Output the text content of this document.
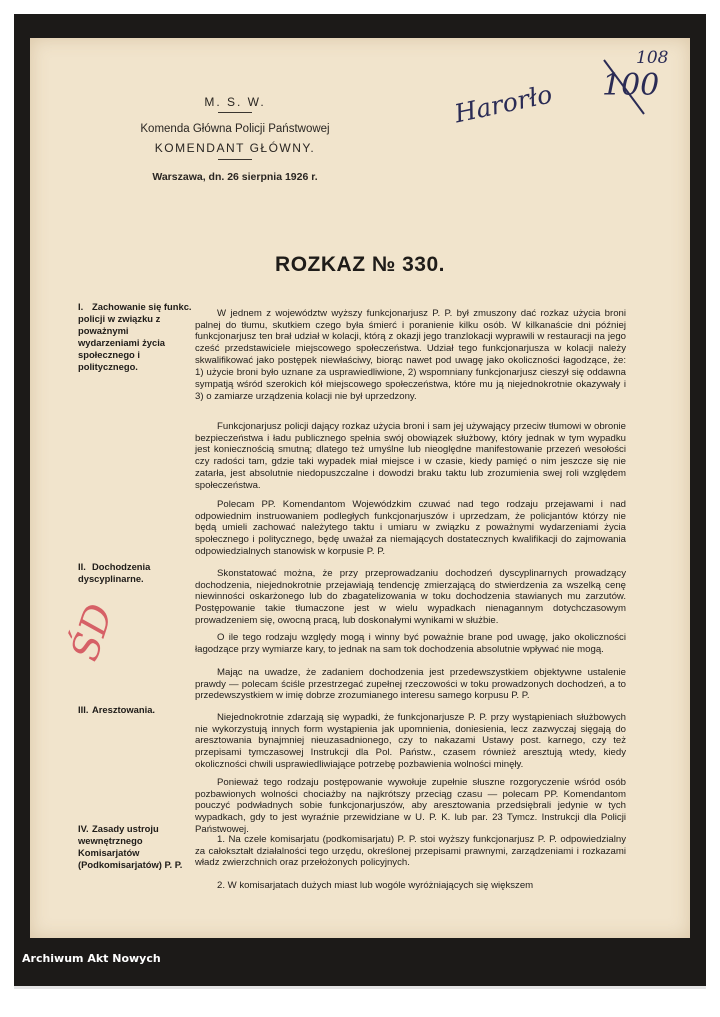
M. S. W.
Komenda Główna Policji Państwowej
KOMENDANT GŁÓWNY.
Warszawa, dn. 26 sierpnia 1926 r.
108
100
Harorło
ROZKAZ № 330.
I. Zachowanie się funkc. policji w związku z poważnymi wydarzeniami życia społecznego i politycznego.

W jednem z województw wyższy funkcjonarjusz P. P. był zmuszony dać rozkaz użycia broni palnej do tłumu, skutkiem czego była śmierć i poranienie kilku osób. W kilkanaście dni później funkcjonarjusz ten brał udział w kolacji, którą z okazji jego tranzlokacji wyprawili w restauracji na jego cześć przedstawiciele miejscowego społeczeństwa. Udział tego funkcjonarjusza w kolacji należy skwalifikować jako postępek niewłaściwy, biorąc nawet pod uwagę jako okoliczności łagodzące, że: 1) użycie broni było uznane za usprawiedliwione, 2) wspomniany funkcjonarjusz cieszył się oddawna sympatją wśród szerokich kół miejscowego społeczeństwa, które mu ją niejednokrotnie okazywały i 3) o zamiarze urządzenia kolacji nie był uprzedzony.

Funkcjonarjusz policji dający rozkaz użycia broni i sam jej używający przeciw tłumowi w obronie bezpieczeństwa i ładu publicznego spełnia swój obowiązek służbowy, który jednak w tym wypadku jest koniecznością smutną; dlatego też umyślne lub nieoględne manifestowanie przezeń wesołości czy radości tam, gdzie taki wypadek miał miejsce i w czasie, kiedy pamięć o nim jeszcze się nie zatarła, jest absolutnie niedopuszczalne i dowodzi braku taktu lub zrozumienia swej roli względem społeczeństwa.

Polecam PP. Komendantom Wojewódzkim czuwać nad tego rodzaju przejawami i nad odpowiednim instruowaniem podległych funkcjonarjuszów i uprzedzam, że policjantów którzy nie będą umieli zachować należytego taktu i umiaru w związku z poważnymi wydarzeniami życia społecznego i politycznego, będę uważał za niemających dostatecznych kwalifikacji do zajmowania odpowiedzialnych stanowisk w korpusie P. P.

II. Dochodzenia dyscyplinarne.	Skonstatować można, że przy przeprowadzaniu dochodzeń dyscyplinarnych prowadzący dochodzenia, niejednokrotnie przejawiają tendencję zmierzającą do stwierdzenia za wszelką cenę niewinności oskarżonego lub do zbagatelizowania w toku dochodzenia stawianych mu zarzutów. Postępowanie takie tłumaczone jest w wielu wypadkach nienagannym dotychczasowym prowadzeniem się, owocną pracą, lub doskonałymi wynikami w służbie.

O ile tego rodzaju względy mogą i winny być poważnie brane pod uwagę, jako okoliczności łagodzące przy wymiarze kary, to jednak na sam tok dochodzenia absolutnie wpływać nie mogą.

Mając na uwadze, że zadaniem dochodzenia jest przedewszystkiem objektywne ustalenie prawdy — polecam ściśle przestrzegać zupełnej rzeczowości w toku prowadzonych dochodzeń, a to przedewszystkiem w imię dobrze zrozumianego interesu samego korpusu P. P.

ŚD
III. Aresztowania.

Niejednokrotnie zdarzają się wypadki, że funkcjonarjusze P. P. przy wystąpieniach służbowych nie wykorzystują innych form wystąpienia jak upomnienia, doniesienia, lecz zazwyczaj sięgają do aresztowania bynajmniej nieuzasadnionego, czy to nakazami Ustawy post. karnego, czy też przepisami tymczasowej Instrukcji dla Pol. Państw., czasem również aresztują wtedy, kiedy okoliczności chwili usprawiedliwiające potrzebę pozbawienia wolności minęły.

Ponieważ tego rodzaju postępowanie wywołuje zupełnie słuszne rozgoryczenie wśród osób pozbawionych wolności chociażby na najkrótszy przeciąg czasu — polecam PP. Komendantom pouczyć podwładnych sobie funkcjonarjuszów, aby aresztowania przedsiębrali jedynie w tych wypadkach, gdy to jest wyraźnie przewidziane w U. P. K. lub par. 23 Tymcz. Instrukcji dla Policji Państwowej.

IV. Zasady ustroju wewnętrznego Komisarjatów (Podkomisarjatów) P. P.

1. Na czele komisarjatu (podkomisarjatu) P. P. stoi wyższy funkcjonarjusz P. P. odpowiedzialny za całokształt działalności tego urzędu, określonej przepisami prawnymi, zarządzeniami i rozkazami władz zwierzchnich oraz przełożonych policyjnych.

2. W komisarjatach dużych miast lub wogóle wyróżniających się większem

Archiwum Akt Nowych
